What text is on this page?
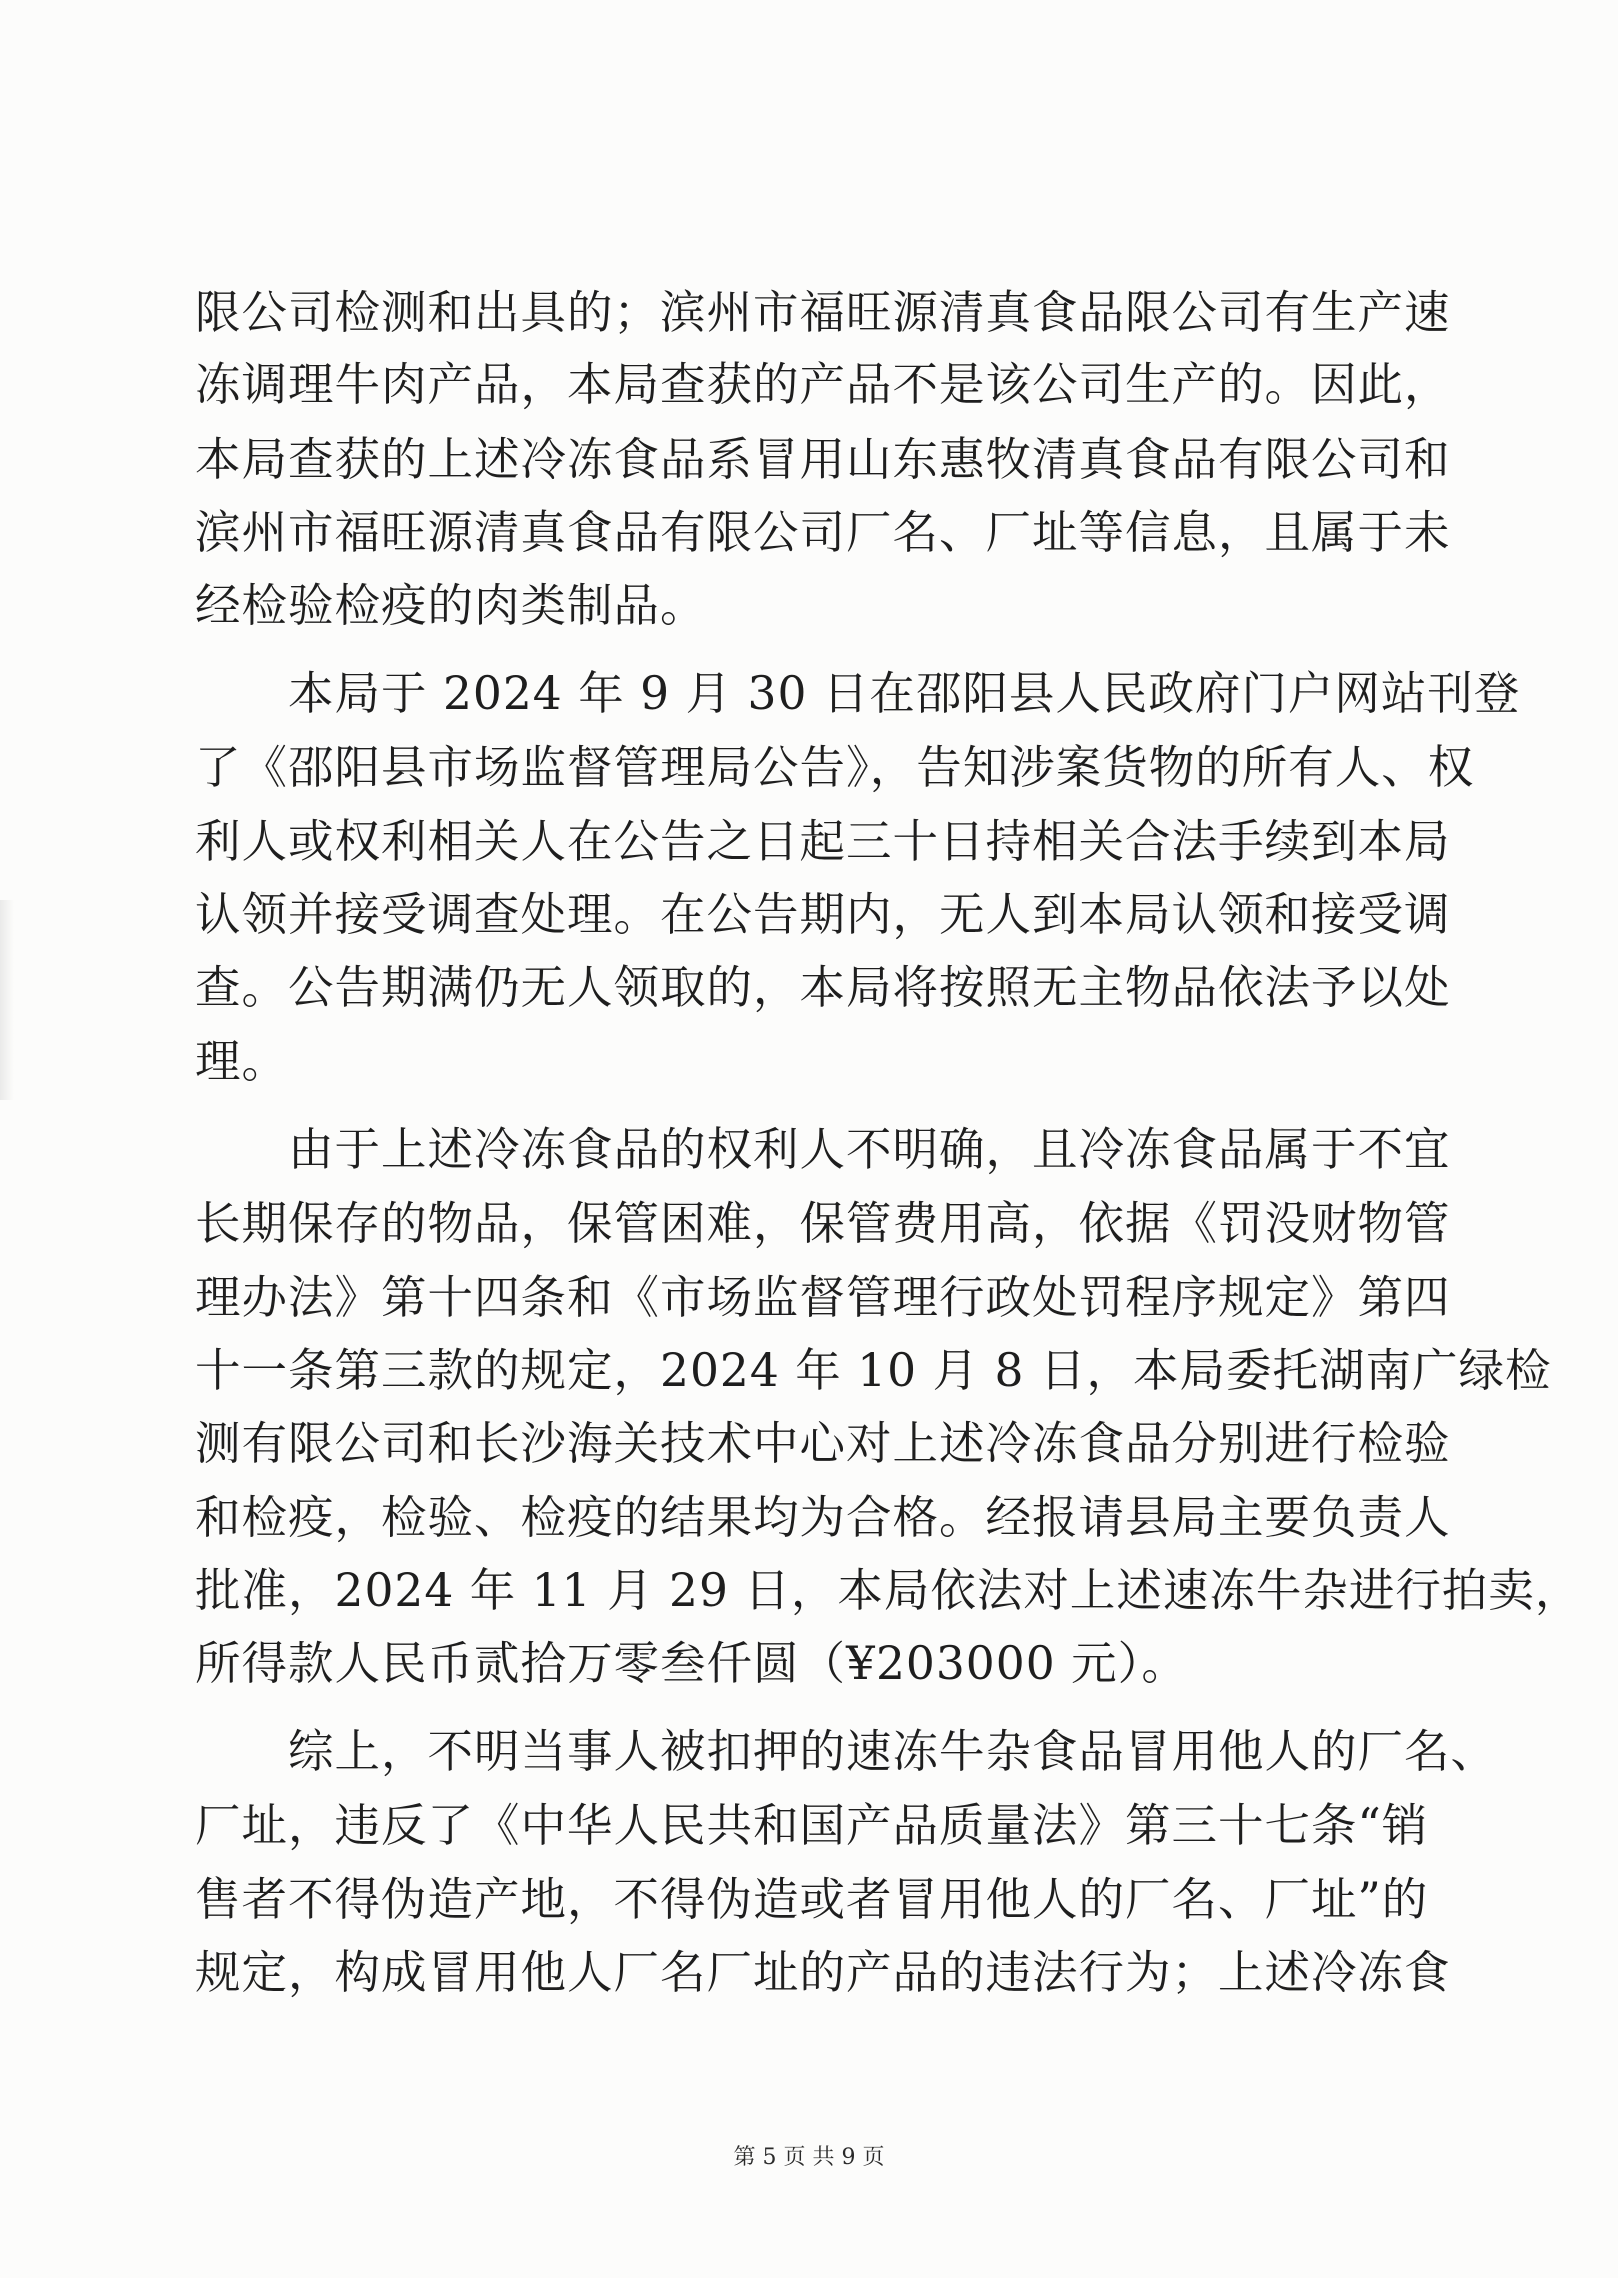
限公司检测和出具的；滨州市福旺源清真食品限公司有生产速
冻调理牛肉产品，本局查获的产品不是该公司生产的。因此，
本局查获的上述冷冻食品系冒用山东惠牧清真食品有限公司和
滨州市福旺源清真食品有限公司厂名、厂址等信息，且属于未
经检验检疫的肉类制品。
　　本局于 2024 年 9 月 30 日在邵阳县人民政府门户网站刊登
了《邵阳县市场监督管理局公告》，告知涉案货物的所有人、权
利人或权利相关人在公告之日起三十日持相关合法手续到本局
认领并接受调查处理。在公告期内，无人到本局认领和接受调
查。公告期满仍无人领取的，本局将按照无主物品依法予以处
理。
　　由于上述冷冻食品的权利人不明确，且冷冻食品属于不宜
长期保存的物品，保管困难，保管费用高，依据《罚没财物管
理办法》第十四条和《市场监督管理行政处罚程序规定》第四
十一条第三款的规定，2024 年 10 月 8 日，本局委托湖南广绿检
测有限公司和长沙海关技术中心对上述冷冻食品分别进行检验
和检疫，检验、检疫的结果均为合格。经报请县局主要负责人
批准，2024 年 11 月 29 日，本局依法对上述速冻牛杂进行拍卖，
所得款人民币贰拾万零叁仟圆（¥203000 元）。
　　综上，不明当事人被扣押的速冻牛杂食品冒用他人的厂名、
厂址，违反了《中华人民共和国产品质量法》第三十七条“销
售者不得伪造产地，不得伪造或者冒用他人的厂名、厂址”的
规定，构成冒用他人厂名厂址的产品的违法行为；上述冷冻食
第 5 页 共 9 页
